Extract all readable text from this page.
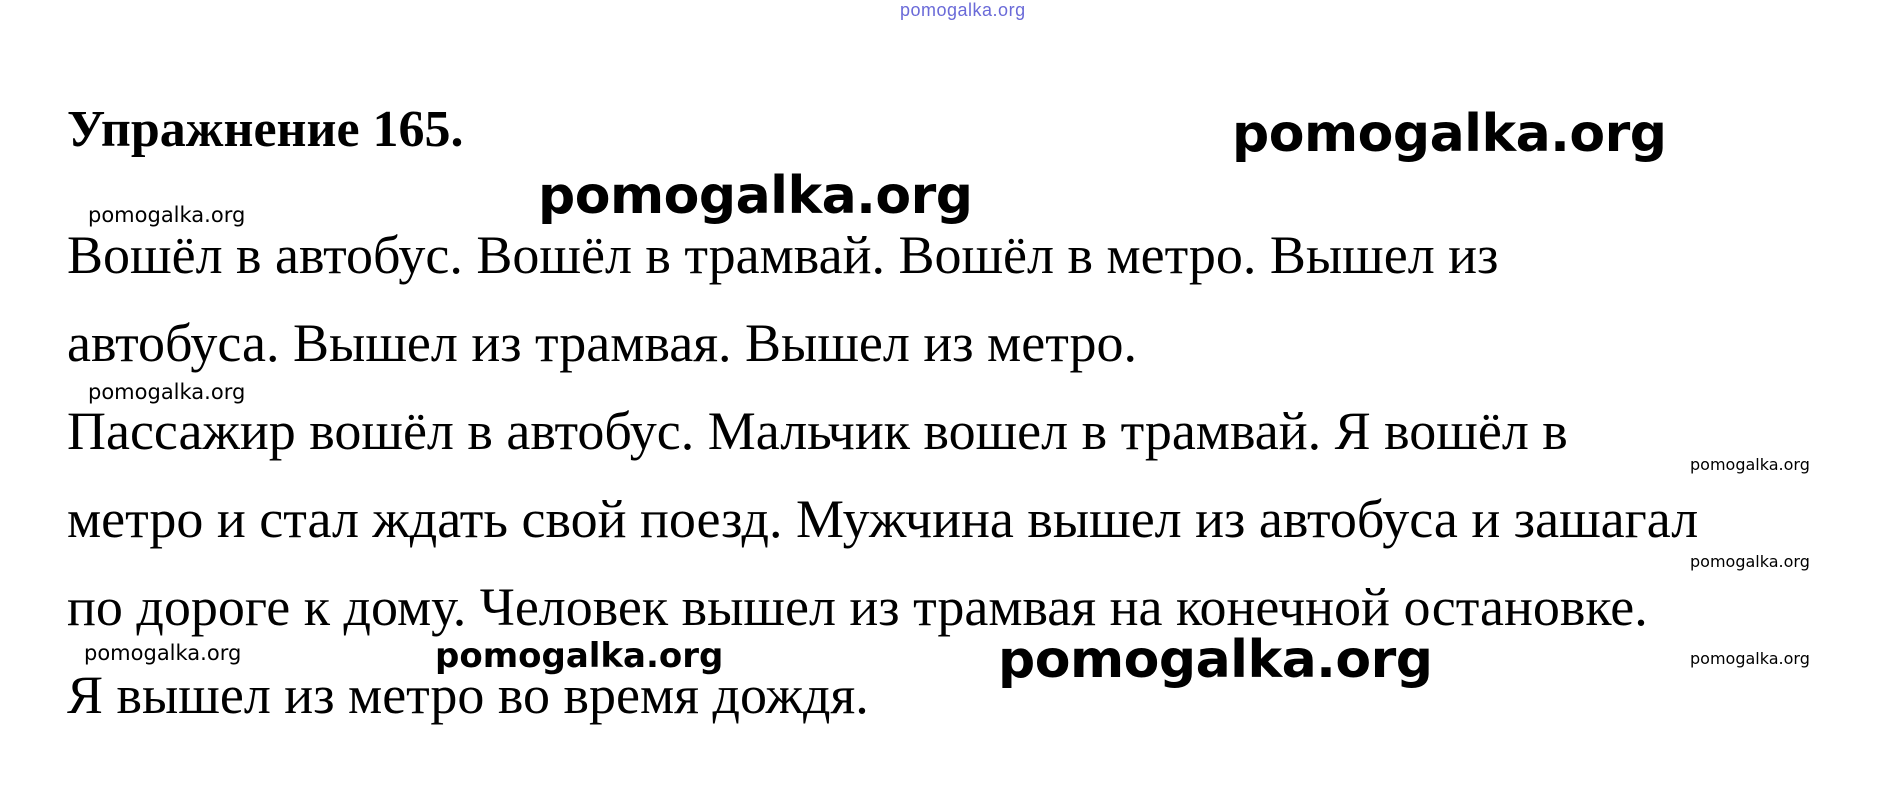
pomogalka.org
Упражнение 165.	pomogalka.org
pomogalka.org
pomogalka.org
pomogalka.org
pomogalka.org
pomogalka.org
pomogalka.org	pomogalka.org	pomogalka.org	pomogalka.org
Вошёл в автобус. Вошёл в трамвай. Вошёл в метро. Вышел из
автобуса. Вышел из трамвая. Вышел из метро.
Пассажир вошёл в автобус. Мальчик вошел в трамвай. Я вошёл в
метро и стал ждать свой поезд. Мужчина вышел из автобуса и зашагал
по дороге к дому. Человек вышел из трамвая на конечной остановке.
Я вышел из метро во время дождя.
